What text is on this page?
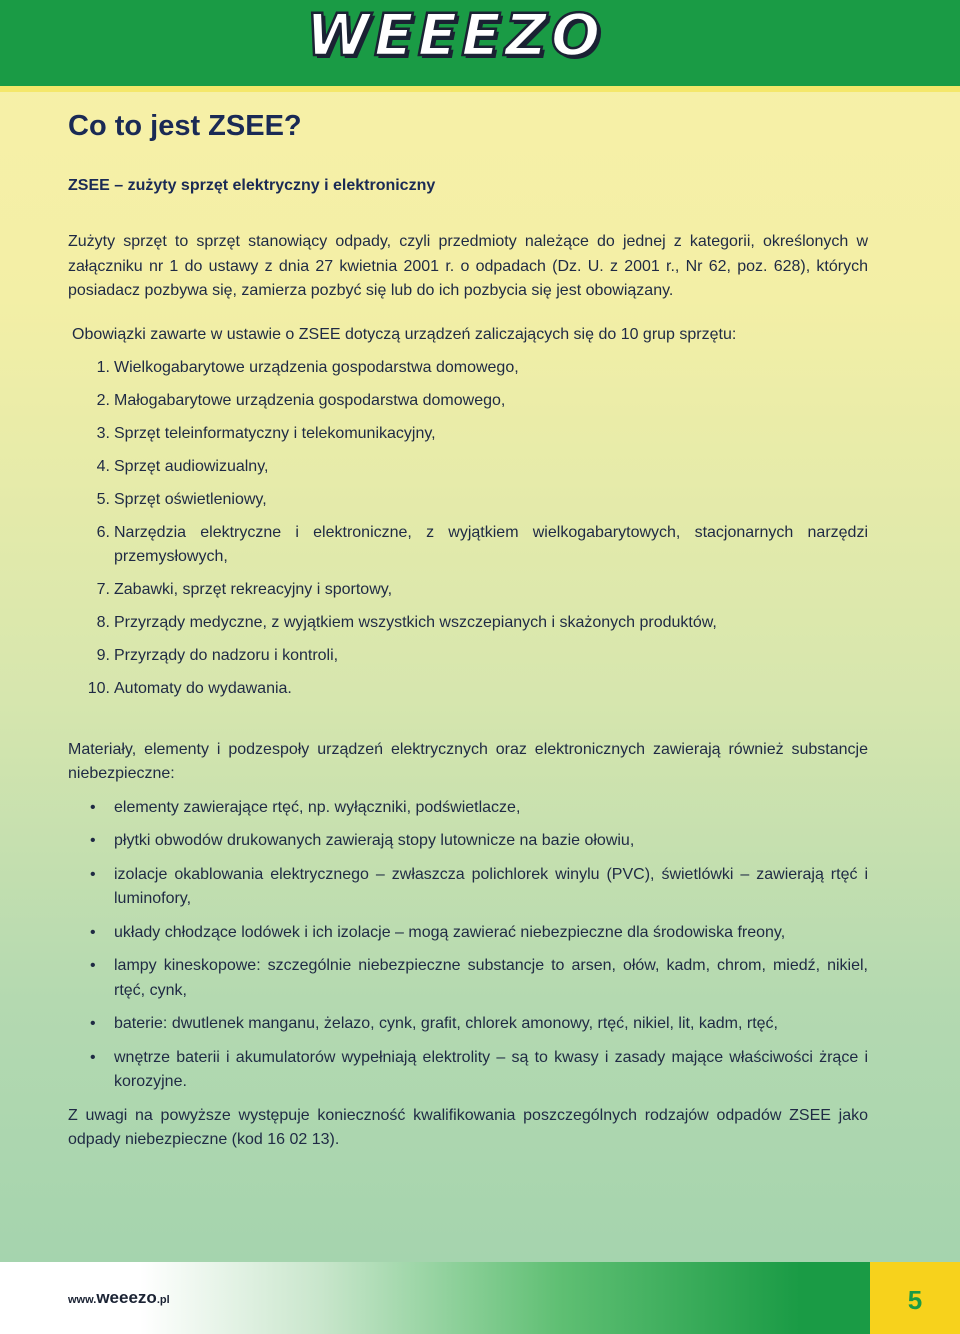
WEEEZO
Co to jest ZSEE?

ZSEE – zużyty sprzęt elektryczny i elektroniczny

Zużyty sprzęt to sprzęt stanowiący odpady, czyli przedmioty należące do jednej z kategorii, określonych w załączniku nr 1 do ustawy z dnia 27 kwietnia 2001 r. o odpadach (Dz. U. z 2001 r., Nr 62, poz. 628), których posiadacz pozbywa się, zamierza pozbyć się lub do ich pozbycia się jest obowiązany.

Obowiązki zawarte w ustawie o ZSEE dotyczą urządzeń zaliczających się do 10 grup sprzętu:

1. Wielkogabarytowe urządzenia gospodarstwa domowego,
2. Małogabarytowe urządzenia gospodarstwa domowego,
3. Sprzęt teleinformatyczny i telekomunikacyjny,
4. Sprzęt audiowizualny,
5. Sprzęt oświetleniowy,
6. Narzędzia elektryczne i elektroniczne, z wyjątkiem wielkogabarytowych, stacjonarnych narzędzi przemysłowych,
7. Zabawki, sprzęt rekreacyjny i sportowy,
8. Przyrządy medyczne, z wyjątkiem wszystkich wszczepianych i skażonych produktów,
9. Przyrządy do nadzoru i kontroli,
10. Automaty do wydawania.

Materiały, elementy i podzespoły urządzeń elektrycznych oraz elektronicznych zawierają również substancje niebezpieczne:

•	elementy zawierające rtęć, np. wyłączniki, podświetlacze,
•	płytki obwodów drukowanych zawierają stopy lutownicze na bazie ołowiu,
•	izolacje okablowania elektrycznego – zwłaszcza polichlorek winylu (PVC), świetlówki – zawierają rtęć i luminofory,
•	układy chłodzące lodówek i ich izolacje – mogą zawierać niebezpieczne dla środowiska freony,
•	lampy kineskopowe: szczególnie niebezpieczne substancje to arsen, ołów, kadm, chrom, miedź, nikiel, rtęć, cynk,
•	baterie: dwutlenek manganu, żelazo, cynk, grafit, chlorek amonowy, rtęć, nikiel, lit, kadm, rtęć,
•	wnętrze baterii i akumulatorów wypełniają elektrolity – są to kwasy i zasady mające właściwości żrące i korozyjne.

Z uwagi na powyższe występuje konieczność kwalifikowania poszczególnych rodzajów odpadów ZSEE jako odpady niebezpieczne (kod 16 02 13).

www.weeezo.pl	5
